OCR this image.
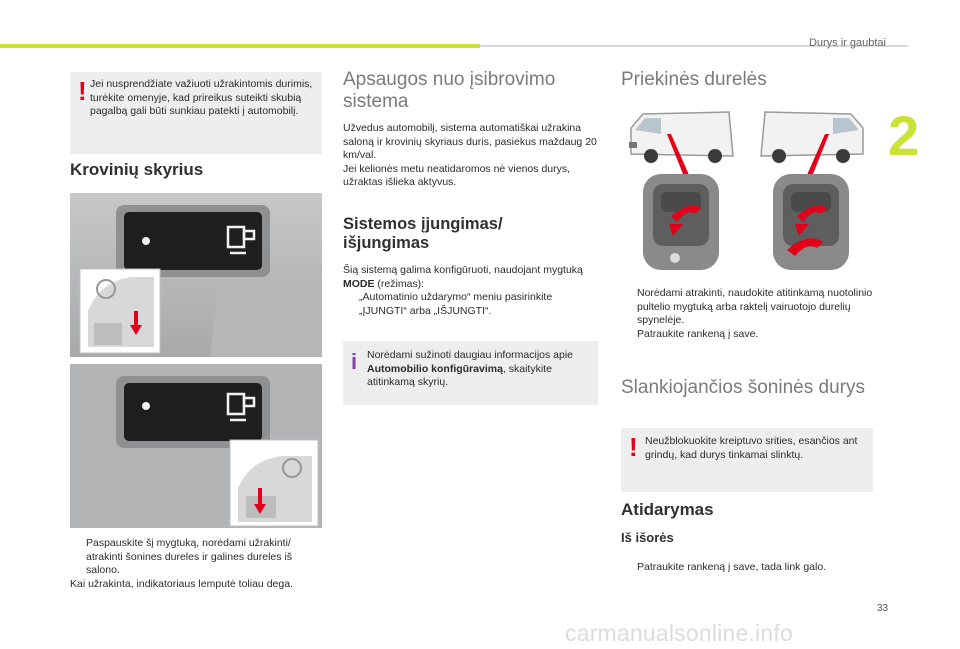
Durys ir gaubtai
2
! Jei nusprendžiate važiuoti užrakintomis durimis, turėkite omenyje, kad prireikus suteikti skubią pagalbą gali būti sunkiau patekti į automobilį.

Krovinių skyrius
Paspauskite šį mygtuką, norėdami užrakinti/ atrakinti šonines dureles ir galines dureles iš salono.
Kai užrakinta, indikatoriaus lemputė toliau dega.
Apsaugos nuo įsibrovimo sistema
Užvedus automobilį, sistema automatiškai užrakina saloną ir krovinių skyriaus duris, pasiekus maždaug 20 km/val.
Jei kelionės metu neatidaromos nė vienos durys, užraktas išlieka aktyvus.
Sistemos įjungimas/ išjungimas
Šią sistemą galima konfigūruoti, naudojant mygtuką MODE (režimas):
„Automatinio uždarymo“ meniu pasirinkite „ĮJUNGTI“ arba „IŠJUNGTI“.
i Norėdami sužinoti daugiau informacijos apie Automobilio konfigūravimą, skaitykite atitinkamą skyrių.

Priekinės durelės
Norėdami atrakinti, naudokite atitinkamą nuotolinio pultelio mygtuką arba raktelį vairuotojo durelių spynelėje.
Patraukite rankeną į save.
Slankiojančios šoninės durys
! Neužblokuokite kreiptuvo srities, esančios ant grindų, kad durys tinkamai slinktų.

Atidarymas
Iš išorės
Patraukite rankeną į save, tada link galo.
33
carmanualsonline.info
